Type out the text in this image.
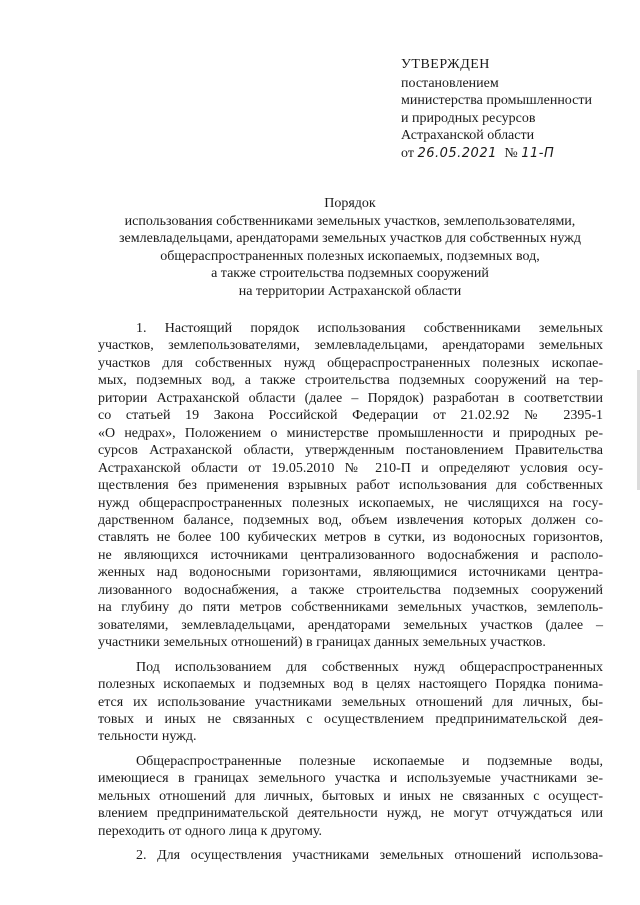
УТВЕРЖДЕН
постановлением
министерства промышленности
и природных ресурсов
Астраханской области
от 26.05.2021 № 11-П
Порядок
использования собственниками земельных участков, землепользователями,
землевладельцами, арендаторами земельных участков для собственных нужд
общераспространенных полезных ископаемых, подземных вод,
а также строительства подземных сооружений
на территории Астраханской области
1. Настоящий порядок использования собственниками земельных
участков, землепользователями, землевладельцами, арендаторами земельных
участков для собственных нужд общераспространенных полезных ископае-
мых, подземных вод, а также строительства подземных сооружений на тер-
ритории Астраханской области (далее – Порядок) разработан в соответствии
со статьей 19 Закона Российской Федерации от 21.02.92 № 2395-1
«О недрах», Положением о министерстве промышленности и природных ре-
сурсов Астраханской области, утвержденным постановлением Правительства
Астраханской области от 19.05.2010 № 210-П и определяют условия осу-
ществления без применения взрывных работ использования для собственных
нужд общераспространенных полезных ископаемых, не числящихся на госу-
дарственном балансе, подземных вод, объем извлечения которых должен со-
ставлять не более 100 кубических метров в сутки, из водоносных горизонтов,
не являющихся источниками централизованного водоснабжения и располо-
женных над водоносными горизонтами, являющимися источниками центра-
лизованного водоснабжения, а также строительства подземных сооружений
на глубину до пяти метров собственниками земельных участков, землеполь-
зователями, землевладельцами, арендаторами земельных участков (далее –
участники земельных отношений) в границах данных земельных участков.
Под использованием для собственных нужд общераспространенных
полезных ископаемых и подземных вод в целях настоящего Порядка понима-
ется их использование участниками земельных отношений для личных, бы-
товых и иных не связанных с осуществлением предпринимательской дея-
тельности нужд.
Общераспространенные полезные ископаемые и подземные воды,
имеющиеся в границах земельного участка и используемые участниками зе-
мельных отношений для личных, бытовых и иных не связанных с осущест-
влением предпринимательской деятельности нужд, не могут отчуждаться или
переходить от одного лица к другому.
2. Для осуществления участниками земельных отношений использова-
